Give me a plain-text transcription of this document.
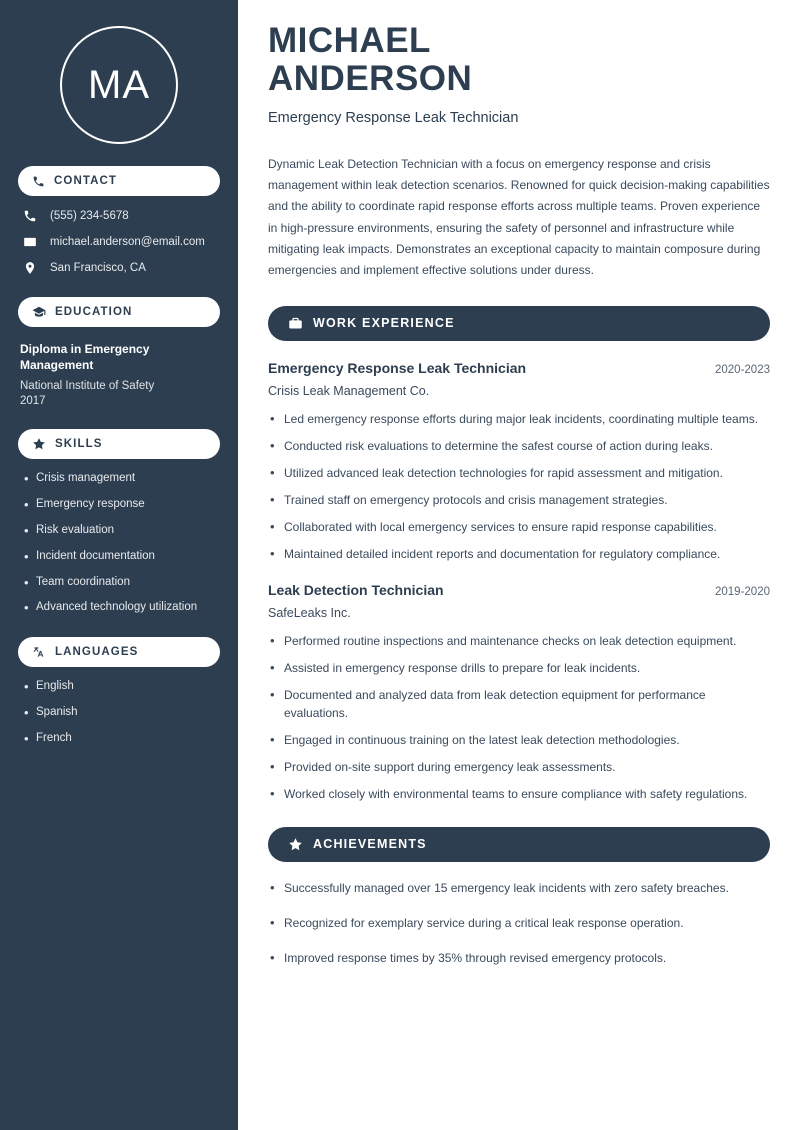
MA
CONTACT
(555) 234-5678
michael.anderson@email.com
San Francisco, CA
EDUCATION
Diploma in Emergency Management
National Institute of Safety
2017
SKILLS
• Crisis management
• Emergency response
• Risk evaluation
• Incident documentation
• Team coordination
• Advanced technology utilization
LANGUAGES
• English
• Spanish
• French
MICHAEL
ANDERSON
Emergency Response Leak Technician

Dynamic Leak Detection Technician with a focus on emergency response and crisis management within leak detection scenarios. Renowned for quick decision-making capabilities and the ability to coordinate rapid response efforts across multiple teams. Proven experience in high-pressure environments, ensuring the safety of personnel and infrastructure while mitigating leak impacts. Demonstrates an exceptional capacity to maintain composure during emergencies and implement effective solutions under duress.

WORK EXPERIENCE
Emergency Response Leak Technician	2020-2023
Crisis Leak Management Co.
• Led emergency response efforts during major leak incidents, coordinating multiple teams.
• Conducted risk evaluations to determine the safest course of action during leaks.
• Utilized advanced leak detection technologies for rapid assessment and mitigation.
• Trained staff on emergency protocols and crisis management strategies.
• Collaborated with local emergency services to ensure rapid response capabilities.
• Maintained detailed incident reports and documentation for regulatory compliance.
Leak Detection Technician	2019-2020
SafeLeaks Inc.
• Performed routine inspections and maintenance checks on leak detection equipment.
• Assisted in emergency response drills to prepare for leak incidents.
• Documented and analyzed data from leak detection equipment for performance evaluations.
• Engaged in continuous training on the latest leak detection methodologies.
• Provided on-site support during emergency leak assessments.
• Worked closely with environmental teams to ensure compliance with safety regulations.
ACHIEVEMENTS
• Successfully managed over 15 emergency leak incidents with zero safety breaches.
• Recognized for exemplary service during a critical leak response operation.
• Improved response times by 35% through revised emergency protocols.
